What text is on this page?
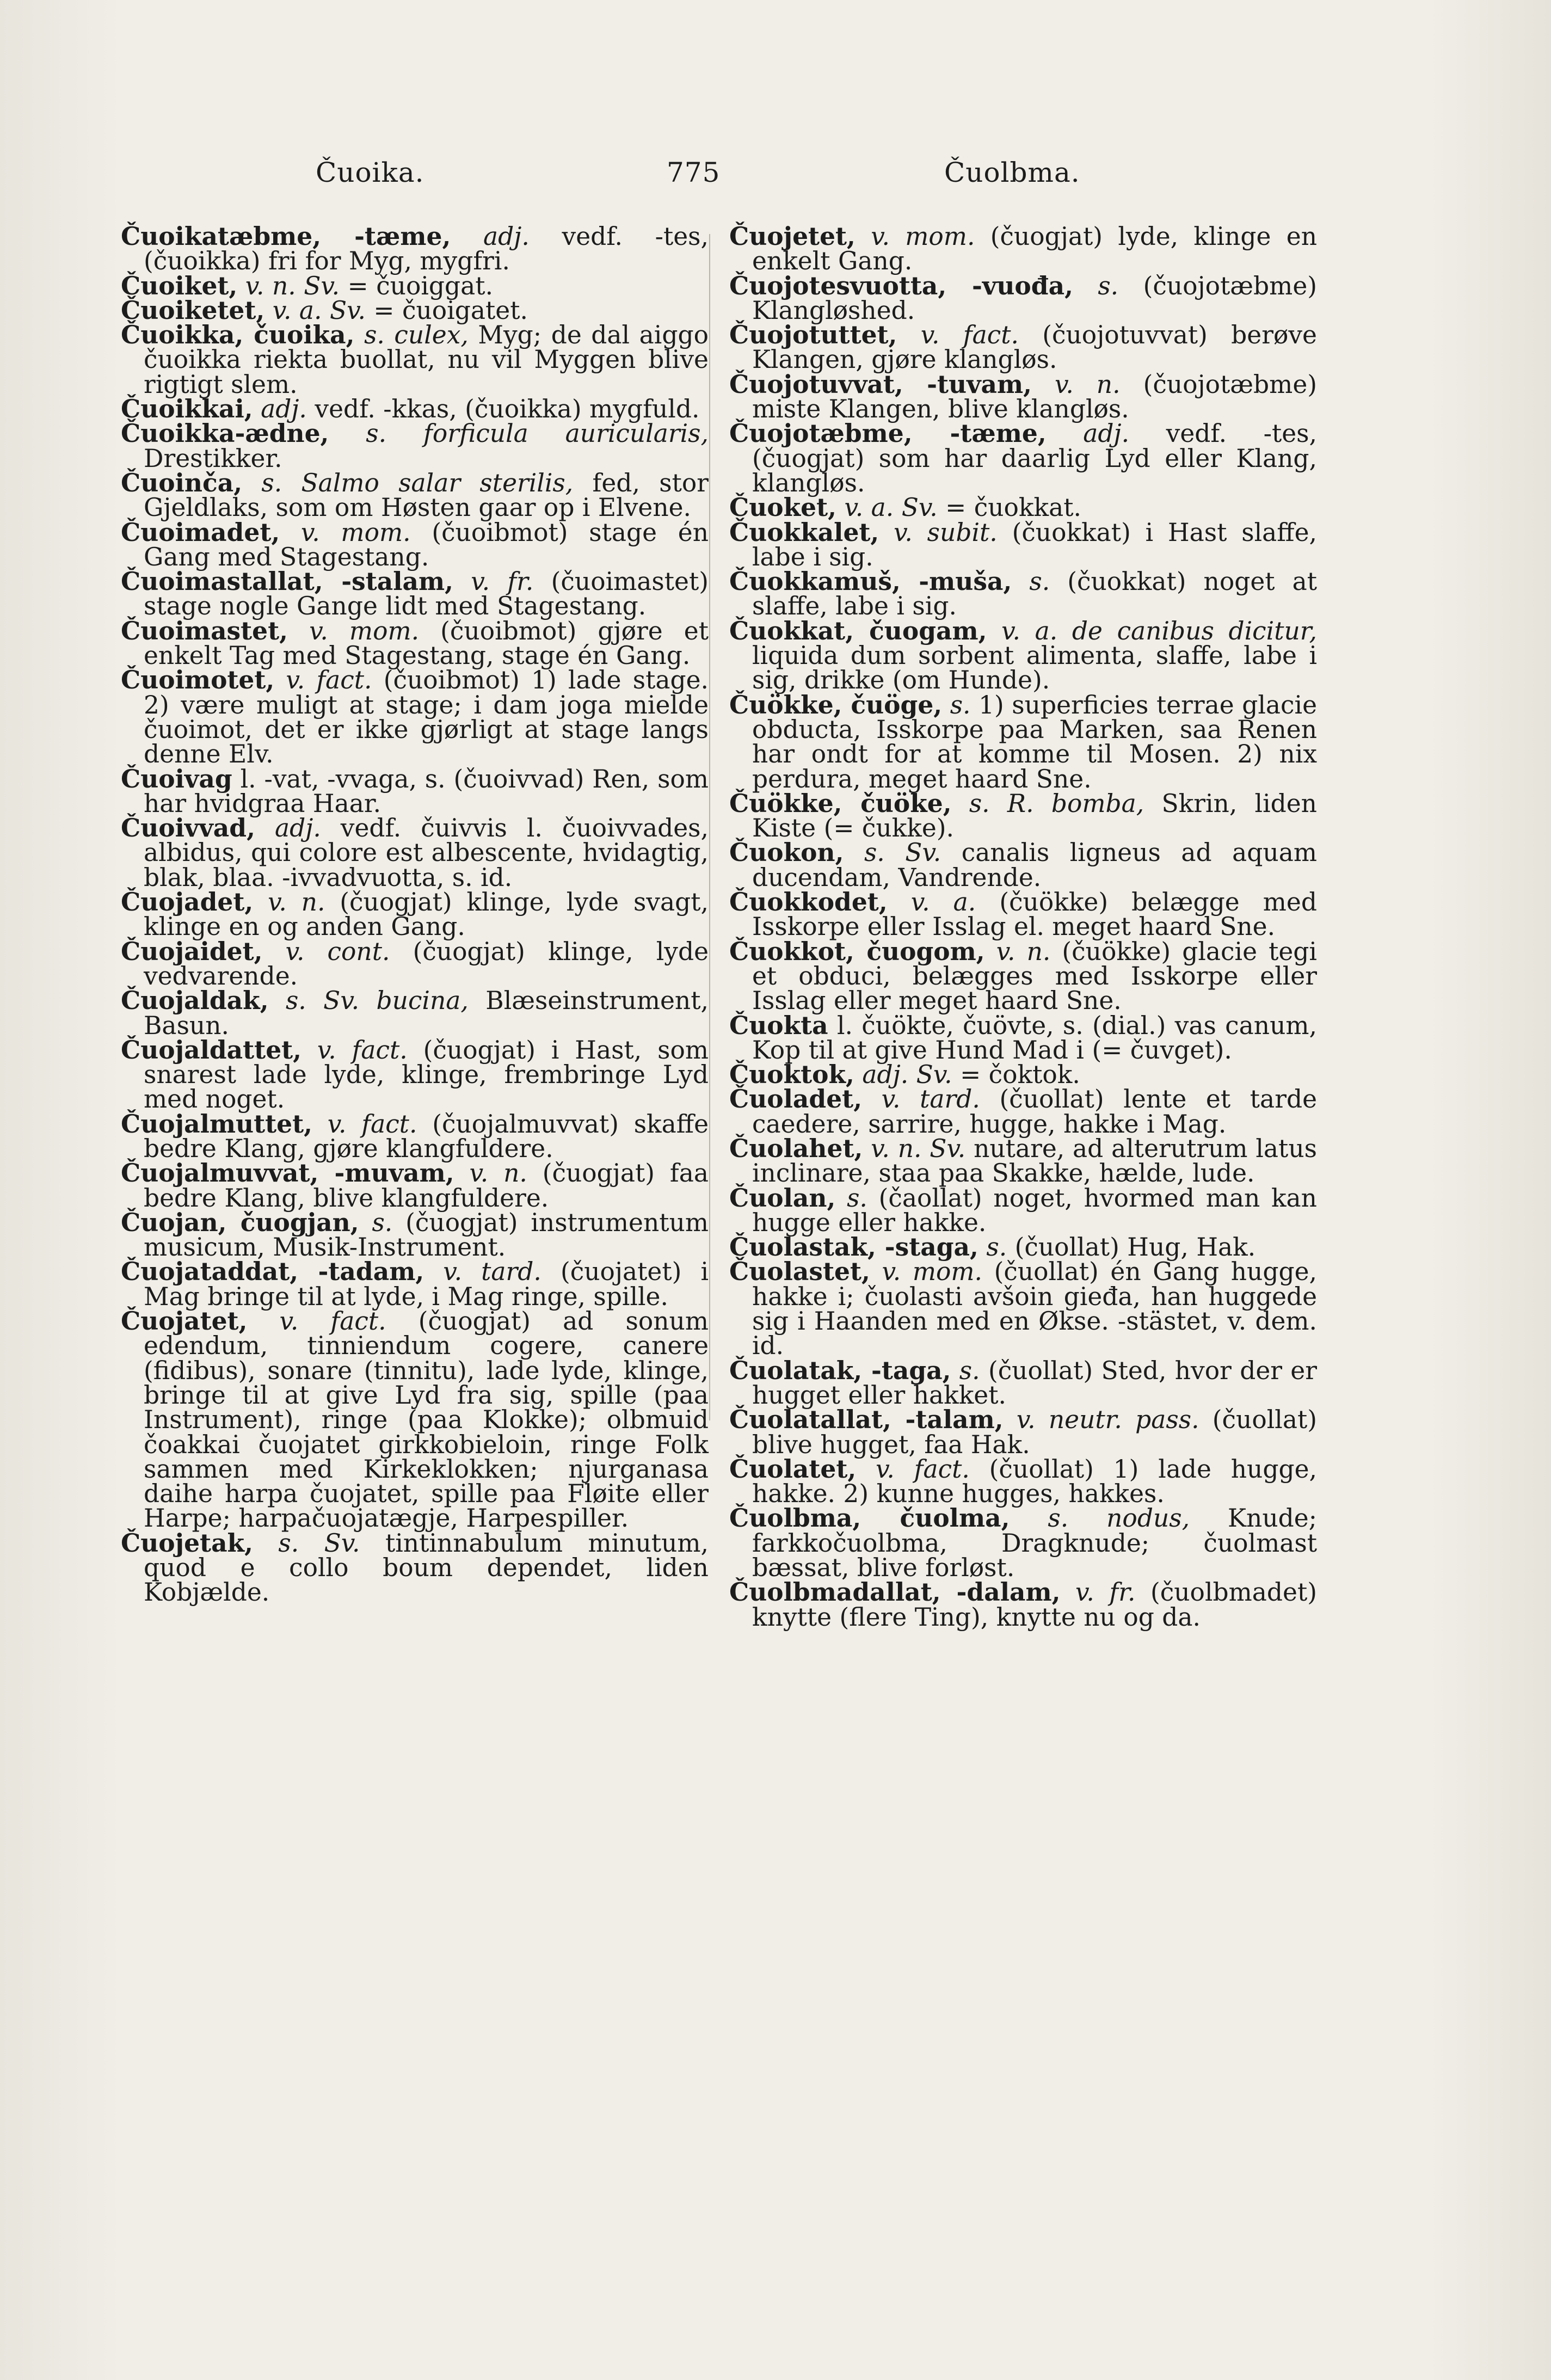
Čuoika.	775	Čuolbma.

Čuoikatæbme, -tæme, adj. vedf. -tes, (čuoikka) fri for Myg, mygfri.

Čuoiket, v. n. Sv. = čuoiggat.

Čuoiketet, v. a. Sv. = čuoigatet.

Čuoikka, čuoika, s. culex, Myg; de dal aiggo čuoikka riekta buollat, nu vil Myggen blive rigtigt slem.

Čuoikkai, adj. vedf. -kkas, (čuoikka) mygfuld.

Čuoikka-ædne, s. forficula auricularis, Drestikker.

Čuoinča, s. Salmo salar sterilis, fed, stor Gjeldlaks, som om Høsten gaar op i Elvene.

Čuoimadet, v. mom. (čuoibmot) stage én Gang med Stagestang.

Čuoimastallat, -stalam, v. fr. (čuoimastet) stage nogle Gange lidt med Stagestang.

Čuoimastet, v. mom. (čuoibmot) gjøre et enkelt Tag med Stagestang, stage én Gang.

Čuoimotet, v. fact. (čuoibmot) 1) lade stage. 2) være muligt at stage; i dam joga mielde čuoimot, det er ikke gjørligt at stage langs denne Elv.

Čuoivag l. -vat, -vvaga, s. (čuoivvad) Ren, som har hvidgraa Haar.

Čuoivvad, adj. vedf. čuivvis l. čuoivvades, albidus, qui colore est albescente, hvidagtig, blak, blaa. -ivvadvuotta, s. id.

Čuojadet, v. n. (čuogjat) klinge, lyde svagt, klinge en og anden Gang.

Čuojaidet, v. cont. (čuogjat) klinge, lyde vedvarende.

Čuojaldak, s. Sv. bucina, Blæseinstrument, Basun.

Čuojaldattet, v. fact. (čuogjat) i Hast, som snarest lade lyde, klinge, frembringe Lyd med noget.

Čuojalmuttet, v. fact. (čuojalmuvvat) skaffe bedre Klang, gjøre klangfuldere.

Čuojalmuvvat, -muvam, v. n. (čuogjat) faa bedre Klang, blive klangfuldere.

Čuojan, čuogjan, s. (čuogjat) instrumentum musicum, Musik-Instrument.

Čuojataddat, -tadam, v. tard. (čuojatet) i Mag bringe til at lyde, i Mag ringe, spille.

Čuojatet, v. fact. (čuogjat) ad sonum edendum, tinniendum cogere, canere (fidibus), sonare (tinnitu), lade lyde, klinge, bringe til at give Lyd fra sig, spille (paa Instrument), ringe (paa Klokke); olbmuid čoakkai čuojatet girkkobieloin, ringe Folk sammen med Kirkeklokken; njurganasa daihe harpa čuojatet, spille paa Fløite eller Harpe; harpačuojatægje, Harpespiller.

Čuojetak, s. Sv. tintinnabulum minutum, quod e collo boum dependet, liden Kobjælde.

Čuojetet, v. mom. (čuogjat) lyde, klinge en enkelt Gang.

Čuojotesvuotta, -vuođa, s. (čuojotæbme) Klangløshed.

Čuojotuttet, v. fact. (čuojotuvvat) berøve Klangen, gjøre klangløs.

Čuojotuvvat, -tuvam, v. n. (čuojotæbme) miste Klangen, blive klangløs.

Čuojotæbme, -tæme, adj. vedf. -tes, (čuogjat) som har daarlig Lyd eller Klang, klangløs.

Čuoket, v. a. Sv. = čuokkat.

Čuokkalet, v. subit. (čuokkat) i Hast slaffe, labe i sig.

Čuokkamuš, -muša, s. (čuokkat) noget at slaffe, labe i sig.

Čuokkat, čuogam, v. a. de canibus dicitur, liquida dum sorbent alimenta, slaffe, labe i sig, drikke (om Hunde).

Čuökke, čuöge, s. 1) superficies terrae glacie obducta, Isskorpe paa Marken, saa Renen har ondt for at komme til Mosen. 2) nix perdura, meget haard Sne.

Čuökke, čuöke, s. R. bomba, Skrin, liden Kiste (= čukke).

Čuokon, s. Sv. canalis ligneus ad aquam ducendam, Vandrende.

Čuokkodet, v. a. (čuökke) belægge med Isskorpe eller Isslag el. meget haard Sne.

Čuokkot, čuogom, v. n. (čuökke) glacie tegi et obduci, belægges med Isskorpe eller Isslag eller meget haard Sne.

Čuokta l. čuökte, čuövte, s. (dial.) vas canum, Kop til at give Hund Mad i (= čuvget).

Čuoktok, adj. Sv. = čoktok.

Čuoladet, v. tard. (čuollat) lente et tarde caedere, sarrire, hugge, hakke i Mag.

Čuolahet, v. n. Sv. nutare, ad alterutrum latus inclinare, staa paa Skakke, hælde, lude.

Čuolan, s. (čaollat) noget, hvormed man kan hugge eller hakke.

Čuolastak, -staga, s. (čuollat) Hug, Hak.

Čuolastet, v. mom. (čuollat) én Gang hugge, hakke i; čuolasti avšoin gieđa, han huggede sig i Haanden med en Økse. -stästet, v. dem. id.

Čuolatak, -taga, s. (čuollat) Sted, hvor der er hugget eller hakket.

Čuolatallat, -talam, v. neutr. pass. (čuollat) blive hugget, faa Hak.

Čuolatet, v. fact. (čuollat) 1) lade hugge, hakke. 2) kunne hugges, hakkes.

Čuolbma, čuolma, s. nodus, Knude; farkkočuolbma, Dragknude; čuolmast bæssat, blive forløst.

Čuolbmadallat, -dalam, v. fr. (čuolbmadet) knytte (flere Ting), knytte nu og da.
